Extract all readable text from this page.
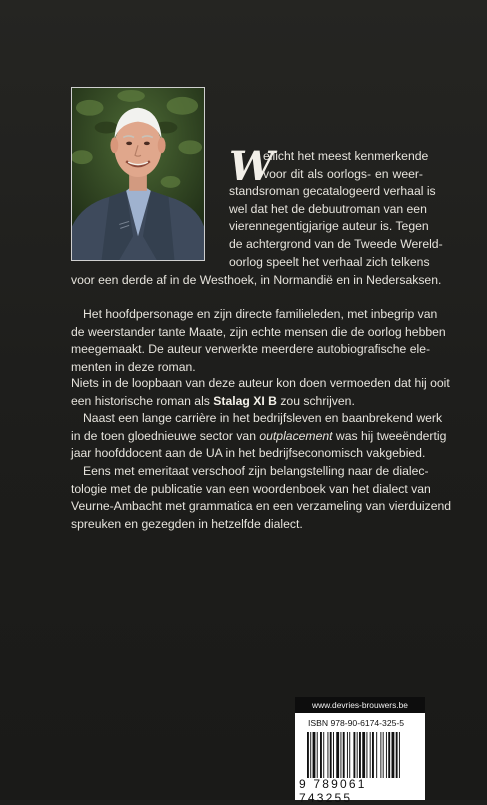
W

ellicht het meest kenmerkende
voor dit als oorlogs- en weer-
standsroman gecatalogeerd verhaal is
wel dat het de debuutroman van een
vierennegentigjarige auteur is. Tegen
de achtergrond van de Tweede Wereld-
oorlog speelt het verhaal zich telkens

voor een derde af in de Westhoek, in Normandië en in Nedersaksen.

Het hoofdpersonage en zijn directe familieleden, met inbegrip van
de weerstander tante Maate, zijn echte mensen die de oorlog hebben
meegemaakt. De auteur verwerkte meerdere autobiografische ele-
menten in deze roman.

Niets in de loopbaan van deze auteur kon doen vermoeden dat hij ooit
een historische roman als Stalag XI B zou schrijven.

Naast een lange carrière in het bedrijfsleven en baanbrekend werk
in de toen gloednieuwe sector van outplacement was hij tweeëndertig
jaar hoofddocent aan de UA in het bedrijfseconomisch vakgebied.

Eens met emeritaat verschoof zijn belangstelling naar de dialec-
tologie met de publicatie van een woordenboek van het dialect van
Veurne-Ambacht met grammatica en een verzameling van vierduizend
spreuken en gezegden in hetzelfde dialect.

www.devries-brouwers.be
ISBN 978-90-6174-325-5
9 789061 743255
